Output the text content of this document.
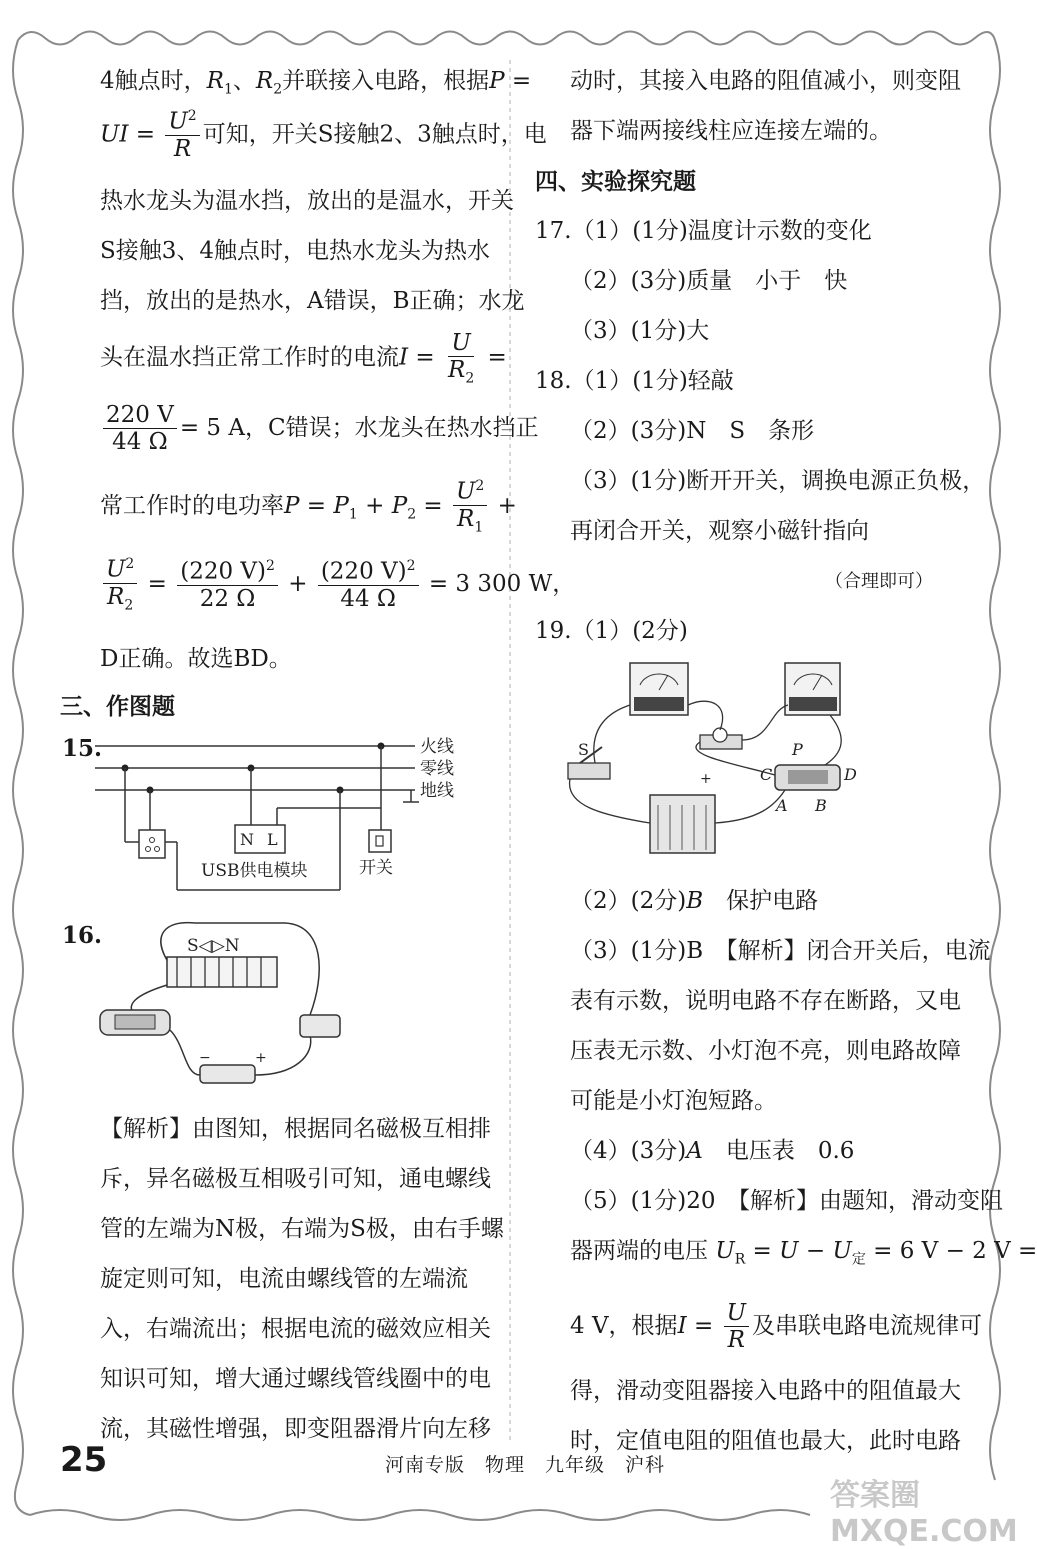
4触点时，$R_1$、$R_2$并联接入电路，根据P =

UI = $\frac{U^2}{R}$ 可知，开关S接触2、3触点时，电

热水龙头为温水挡，放出的是温水，开关

S接触3、4触点时，电热水龙头为热水

挡，放出的是热水，A错误，B正确；水龙

头在温水挡正常工作时的电流$I = \frac{U}{R_2}$ =

$\frac{220 V}{44 \Omega} = 5$ A，C错误；水龙头在热水挡正

常工作时的电功率$P = P_1 + P_2 = \frac{U^2}{R_1}$ +

$\frac{U^2}{R_2} = \frac{(220 V)^2}{22 \Omega} + \frac{(220 V)^2}{44 \Omega} = 3$ 300 W，

D正确。故选BD。

三、作图题

15.	火线
零线
地线
开关
N L
USB供电模块

16.	S◁▷N
−	+

【解析】由图知，根据同名磁极互相排

斥，异名磁极互相吸引可知，通电螺线

管的左端为N极，右端为S极，由右手螺

旋定则可知，电流由螺线管的左端流

入，右端流出；根据电流的磁效应相关

知识可知，增大通过螺线管线圈中的电

流，其磁性增强，即变阻器滑片向左移

动时，其接入电路的阻值减小，则变阻

器下端两接线柱应连接左端的。

四、实验探究题

17.（1）(1分)温度计示数的变化

（2）(3分)质量　小于　快

（3）(1分)大

18.（1）(1分)轻敲

（2）(3分)N　S　条形

（3）(1分)断开开关，调换电源正负极，

再闭合开关，观察小磁针指向

（合理即可）

19.（1）(2分)

S
+	C	D
P
A B

（2）(2分)B　保护电路

（3）(1分)B　【解析】闭合开关后，电流

表有示数，说明电路不存在断路，又电

压表无示数、小灯泡不亮，则电路故障

可能是小灯泡短路。

（4）(3分)A　电压表　0.6

（5）(1分)20　【解析】由题知，滑动变阻

器两端的电压 $U_R = U - U_定 = 6$ V − 2 V =

4 V，根据$I = \frac{U}{R}$ 及串联电路电流规律可

得，滑动变阻器接入电路中的阻值最大

时，定值电阻的阻值也最大，此时电路

25	河南专版 物理 九年级 沪科
答案圈 MXQE.COM
